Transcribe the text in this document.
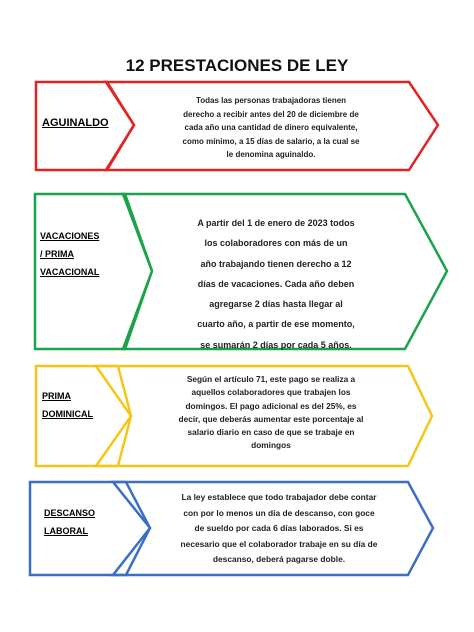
12 PRESTACIONES DE LEY
AGUINALDO
Todas las personas trabajadoras tienen
derecho a recibir antes del 20 de diciembre de
cada año una cantidad de dinero equivalente,
como mínimo, a 15 días de salario, a la cual se
le denomina aguinaldo.
VACACIONES
/ PRIMA
VACACIONAL
A partir del 1 de enero de 2023 todos
los colaboradores con más de un
año trabajando tienen derecho a 12
días de vacaciones. Cada año deben
agregarse 2 días hasta llegar al
cuarto año, a partir de ese momento,
se sumarán 2 días por cada 5 años.
PRIMA
DOMINICAL
Según el artículo 71, este pago se realiza a
aquellos colaboradores que trabajen los
domingos. El pago adicional es del 25%, es
decir, que deberás aumentar este porcentaje al
salario diario en caso de que se trabaje en
domingos
DESCANSO
LABORAL
La ley establece que todo trabajador debe contar
con por lo menos un día de descanso, con goce
de sueldo por cada 6 días laborados. Si es
necesario que el colaborador trabaje en su día de
descanso, deberá pagarse doble.
